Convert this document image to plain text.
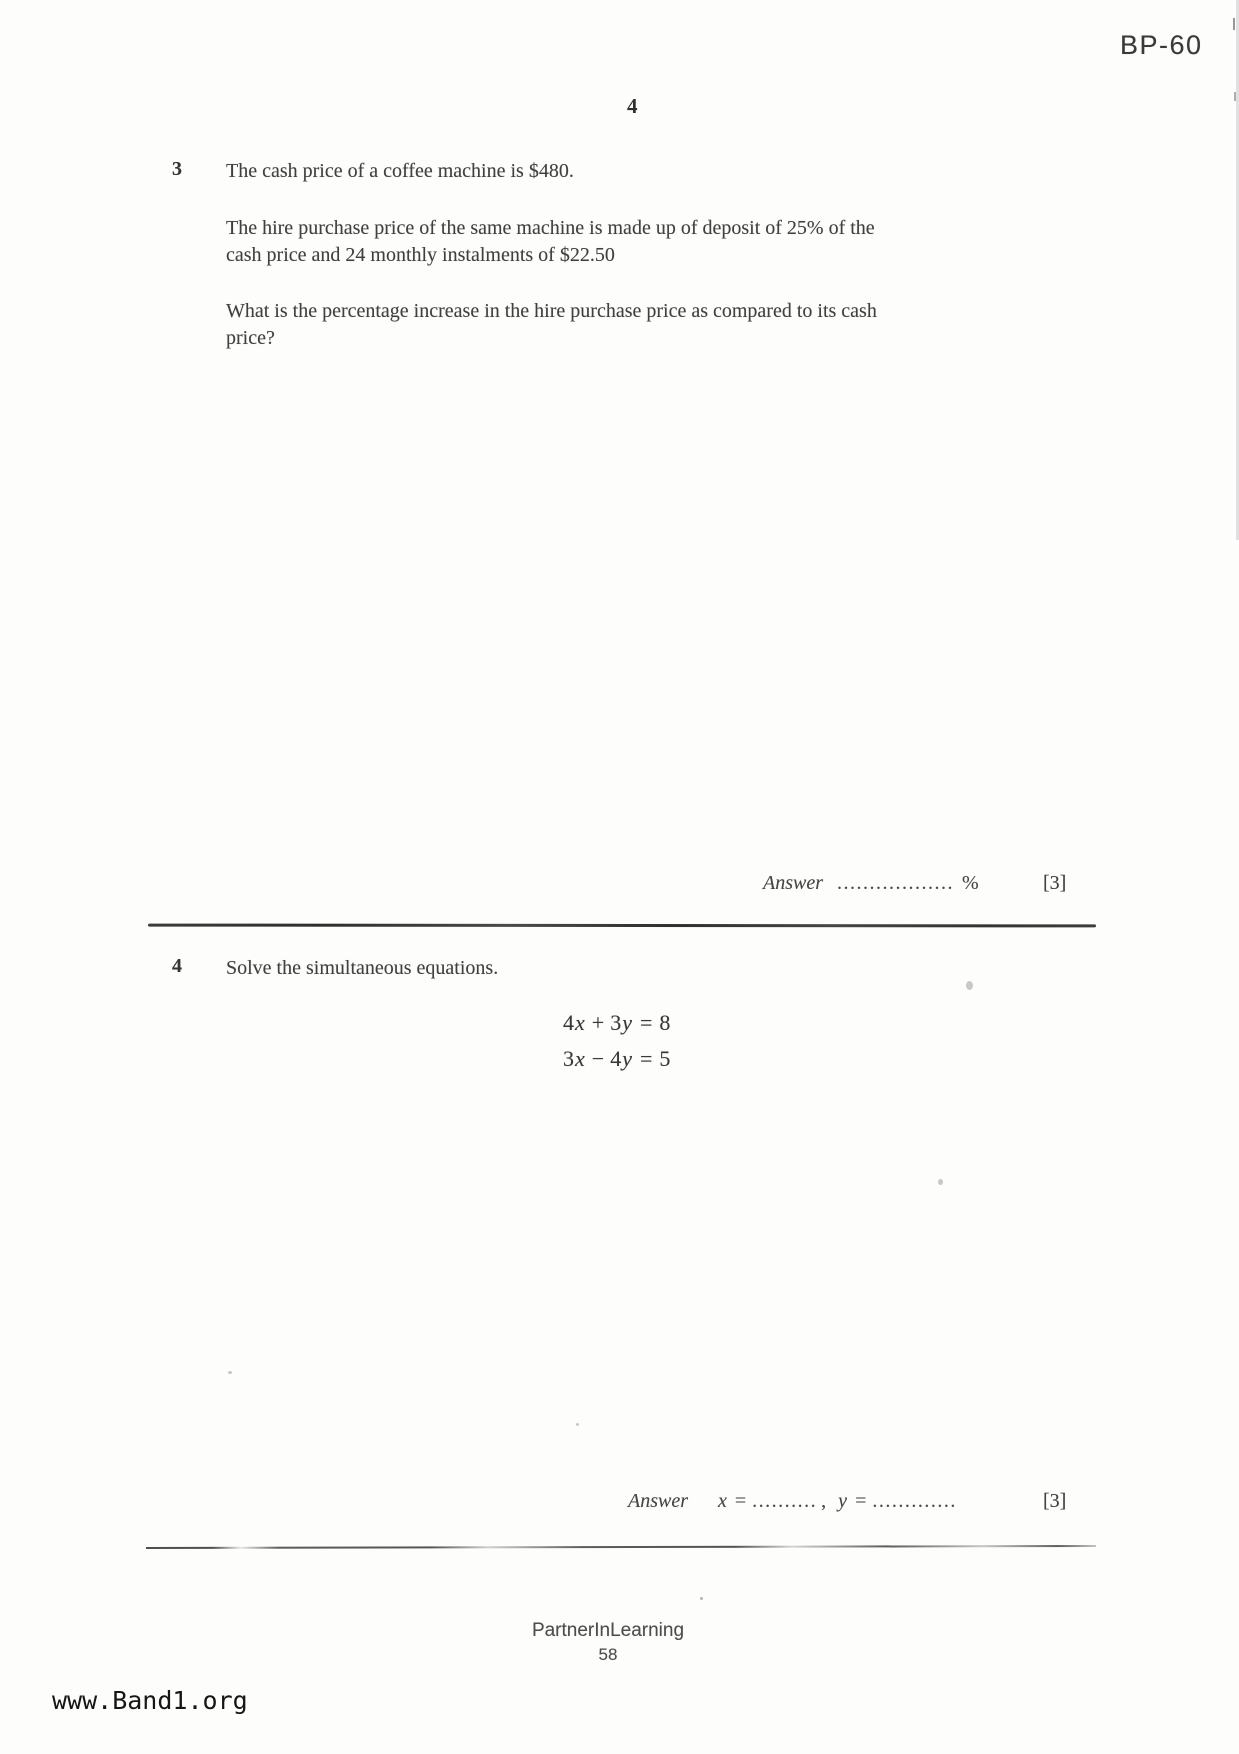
BP-60
4
3 The cash price of a coffee machine is $480.
The hire purchase price of the same machine is made up of deposit of 25% of the
cash price and 24 monthly instalments of $22.50
What is the percentage increase in the hire purchase price as compared to its cash
price?
Answer .................. %	[3]
4 Solve the simultaneous equations.
4 x + 3 y = 8
3 x − 4 y = 5
Answer x = .......... , y = .............	[3]
PartnerInLearning
58
www.Band1.org
